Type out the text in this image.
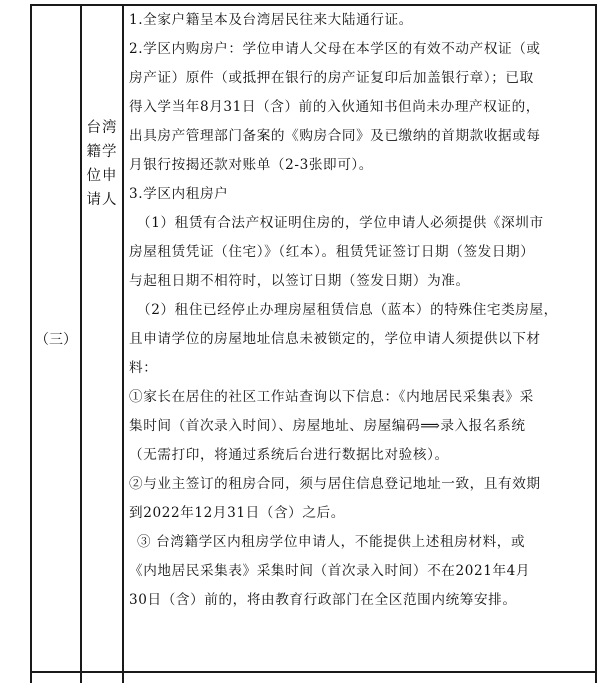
（三）
台湾
籍学
位申
请人

1.全家户籍呈本及台湾居民往来大陆通行证。

2.学区内购房户：学位申请人父母在本学区的有效不动产权证（或

房产证）原件（或抵押在银行的房产证复印后加盖银行章）；已取

得入学当年8月31日（含）前的入伙通知书但尚未办理产权证的，

出具房产管理部门备案的《购房合同》及已缴纳的首期款收据或每

月银行按揭还款对账单（2-3张即可）。

3.学区内租房户

（1）租赁有合法产权证明住房的，学位申请人必须提供《深圳市

房屋租赁凭证（住宅）》（红本）。租赁凭证签订日期（签发日期）

与起租日期不相符时，以签订日期（签发日期）为准。

（2）租住已经停止办理房屋租赁信息（蓝本）的特殊住宅类房屋，

且申请学位的房屋地址信息未被锁定的，学位申请人须提供以下材

料：

①家长在居住的社区工作站查询以下信息：《内地居民采集表》采

集时间（首次录入时间）、房屋地址、房屋编码⟹录入报名系统

（无需打印，将通过系统后台进行数据比对验核）。

②与业主签订的租房合同，须与居住信息登记地址一致，且有效期

到2022年12月31日（含）之后。

③ 台湾籍学区内租房学位申请人，不能提供上述租房材料，或

《内地居民采集表》采集时间（首次录入时间）不在2021年4月

30日（含）前的，将由教育行政部门在全区范围内统筹安排。
